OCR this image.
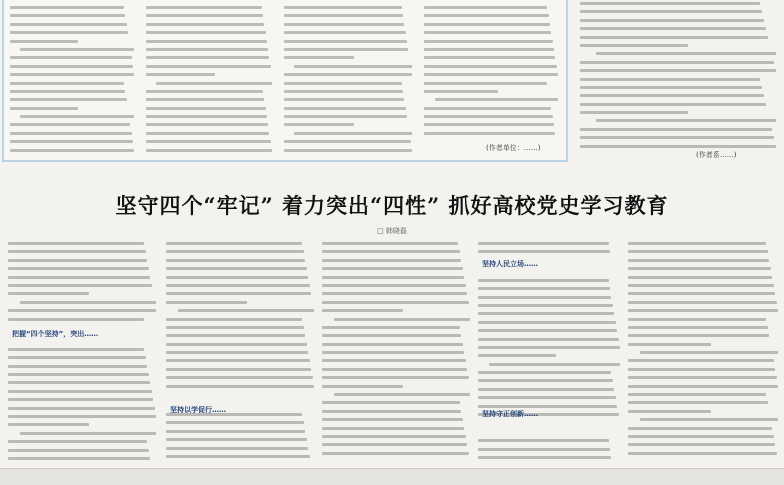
(作者单位：……)
(作者系……)
坚守四个“牢记” 着力突出“四性” 抓好高校党史学习教育
□ 韩晓磊
把握“四个坚持”，突出……
坚持以学促行……
坚持人民立场……
坚持守正创新……
